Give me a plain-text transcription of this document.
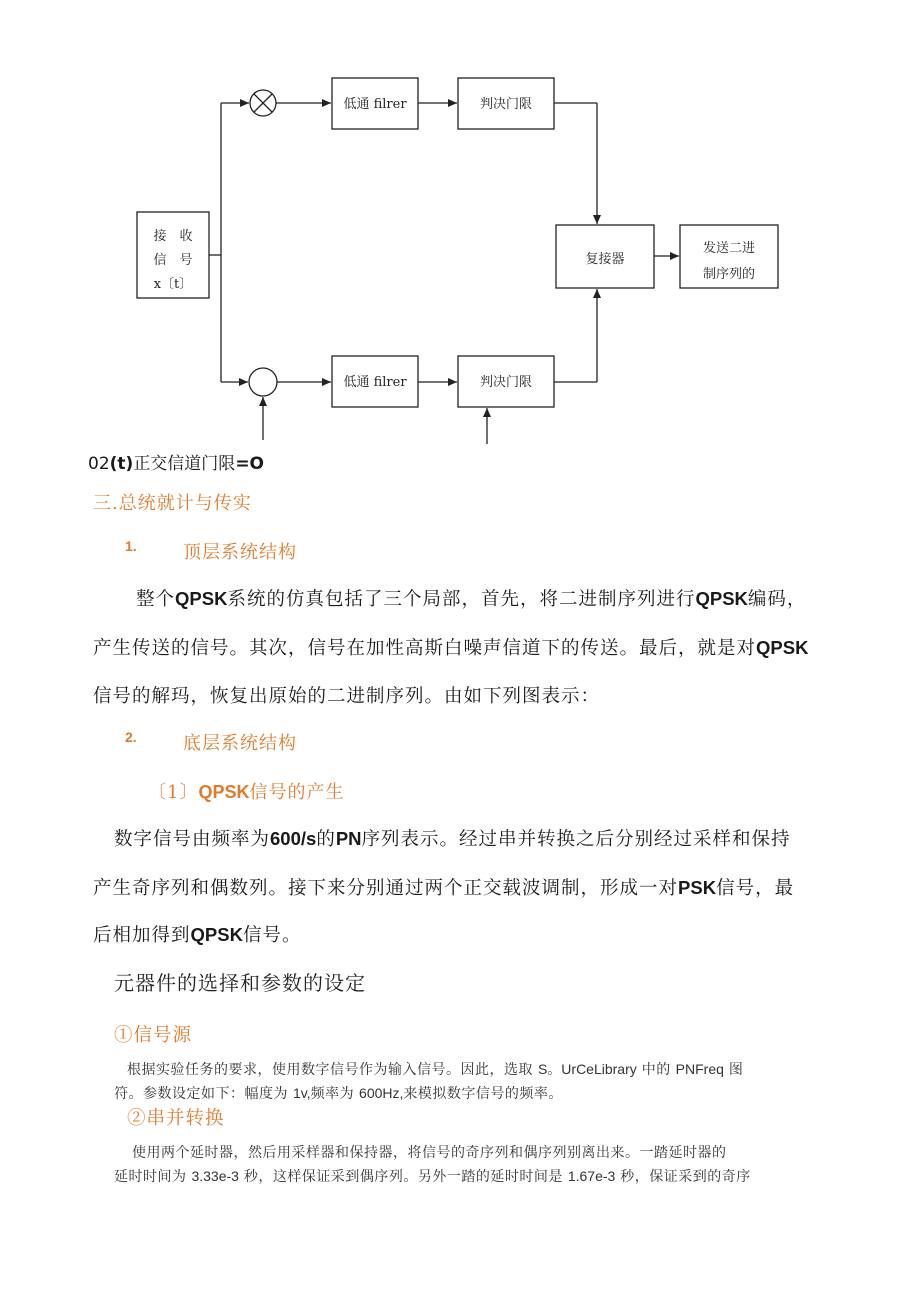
接　收
信　号
x〔t〕
低通 filrer	判决门限
复接器
发送二进
制序列的
低通 filrer	判决门限
02(t)正交信道门限=O
三.总统就计与传实
1.	顶层系统结构
整个QPSK系统的仿真包括了三个局部，首先，将二进制序列进行QPSK编码，
产生传送的信号。其次，信号在加性高斯白噪声信道下的传送。最后，就是对QPSK
信号的解玛，恢复出原始的二进制序列。由如下列图表示：
2.	底层系统结构
〔1〕QPSK信号的产生
数字信号由频率为600/s的PN序列表示。经过串并转换之后分别经过采样和保持
产生奇序列和偶数列。接下来分别通过两个正交载波调制，形成一对PSK信号，最
后相加得到QPSK信号。
元器件的选择和参数的设定
①信号源
根据实验任务的要求，使用数字信号作为输入信号。因此，选取 S。UrCeLibrary 中的 PNFreq 图
符。参数设定如下：幅度为 1v,频率为 600Hz,来模拟数字信号的频率。
②串并转换
使用两个延时器，然后用采样器和保持器，将信号的奇序列和偶序列别离出来。一踏延时器的
延时时间为 3.33e-3 秒，这样保证采到偶序列。另外一踏的延时时间是 1.67e-3 秒，保证采到的奇序
